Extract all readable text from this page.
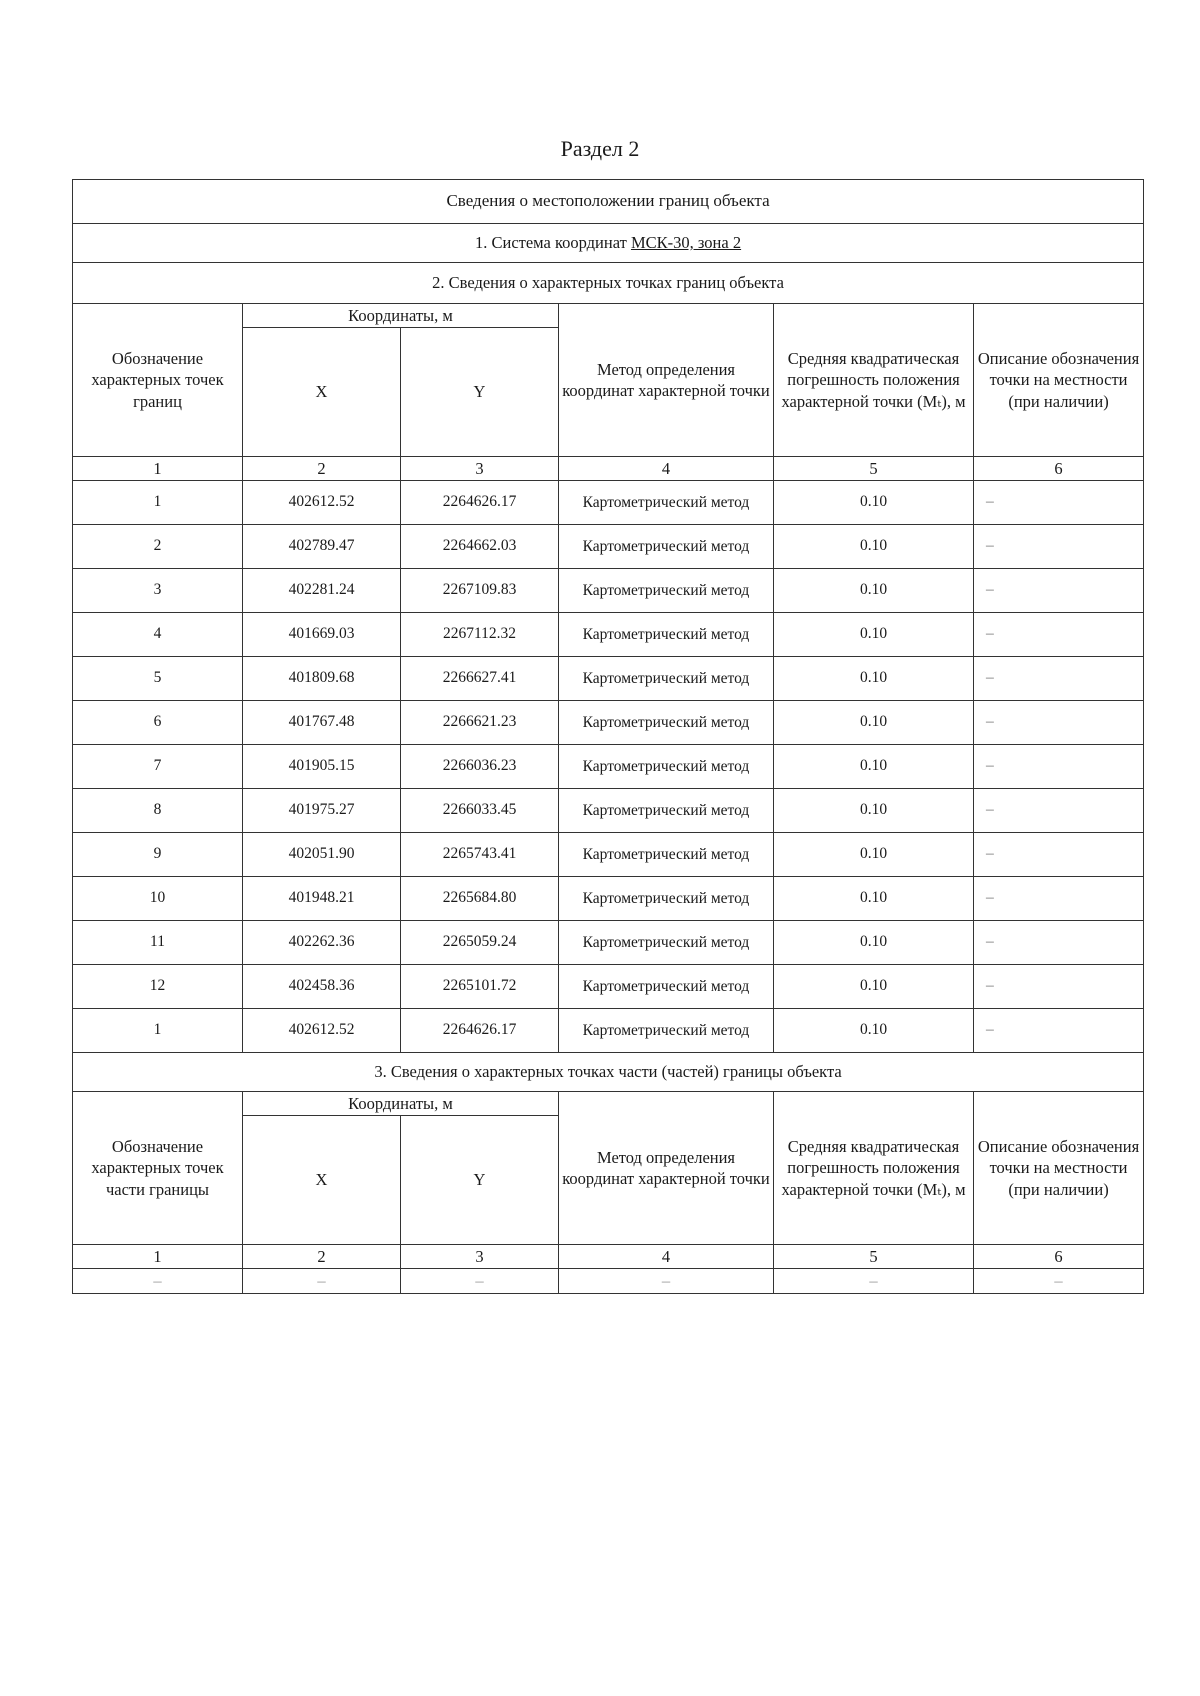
Раздел 2
Сведения о местоположении границ объекта					
1. Система координат МСК-30, зона 2					
2. Сведения о характерных точках границ объекта					
Обозначение характерных точек границ	Координаты, м		Метод определения координат характерной точки	Средняя квадратическая погрешность положения характерной точки (Mₜ), м	Описание обозначения точки на местности (при наличии)
	X	Y			
1	2	3	4	5	6
1	402612.52	2264626.17	Картометрический метод	0.10	–
2	402789.47	2264662.03	Картометрический метод	0.10	–
3	402281.24	2267109.83	Картометрический метод	0.10	–
4	401669.03	2267112.32	Картометрический метод	0.10	–
5	401809.68	2266627.41	Картометрический метод	0.10	–
6	401767.48	2266621.23	Картометрический метод	0.10	–
7	401905.15	2266036.23	Картометрический метод	0.10	–
8	401975.27	2266033.45	Картометрический метод	0.10	–
9	402051.90	2265743.41	Картометрический метод	0.10	–
10	401948.21	2265684.80	Картометрический метод	0.10	–
11	402262.36	2265059.24	Картометрический метод	0.10	–
12	402458.36	2265101.72	Картометрический метод	0.10	–
1	402612.52	2264626.17	Картометрический метод	0.10	–
3. Сведения о характерных точках части (частей) границы объекта					
Обозначение характерных точек части границы	Координаты, м		Метод определения координат характерной точки	Средняя квадратическая погрешность положения характерной точки (Mₜ), м	Описание обозначения точки на местности (при наличии)
	X	Y			
1	2	3	4	5	6
–	–	–	–	–	–
